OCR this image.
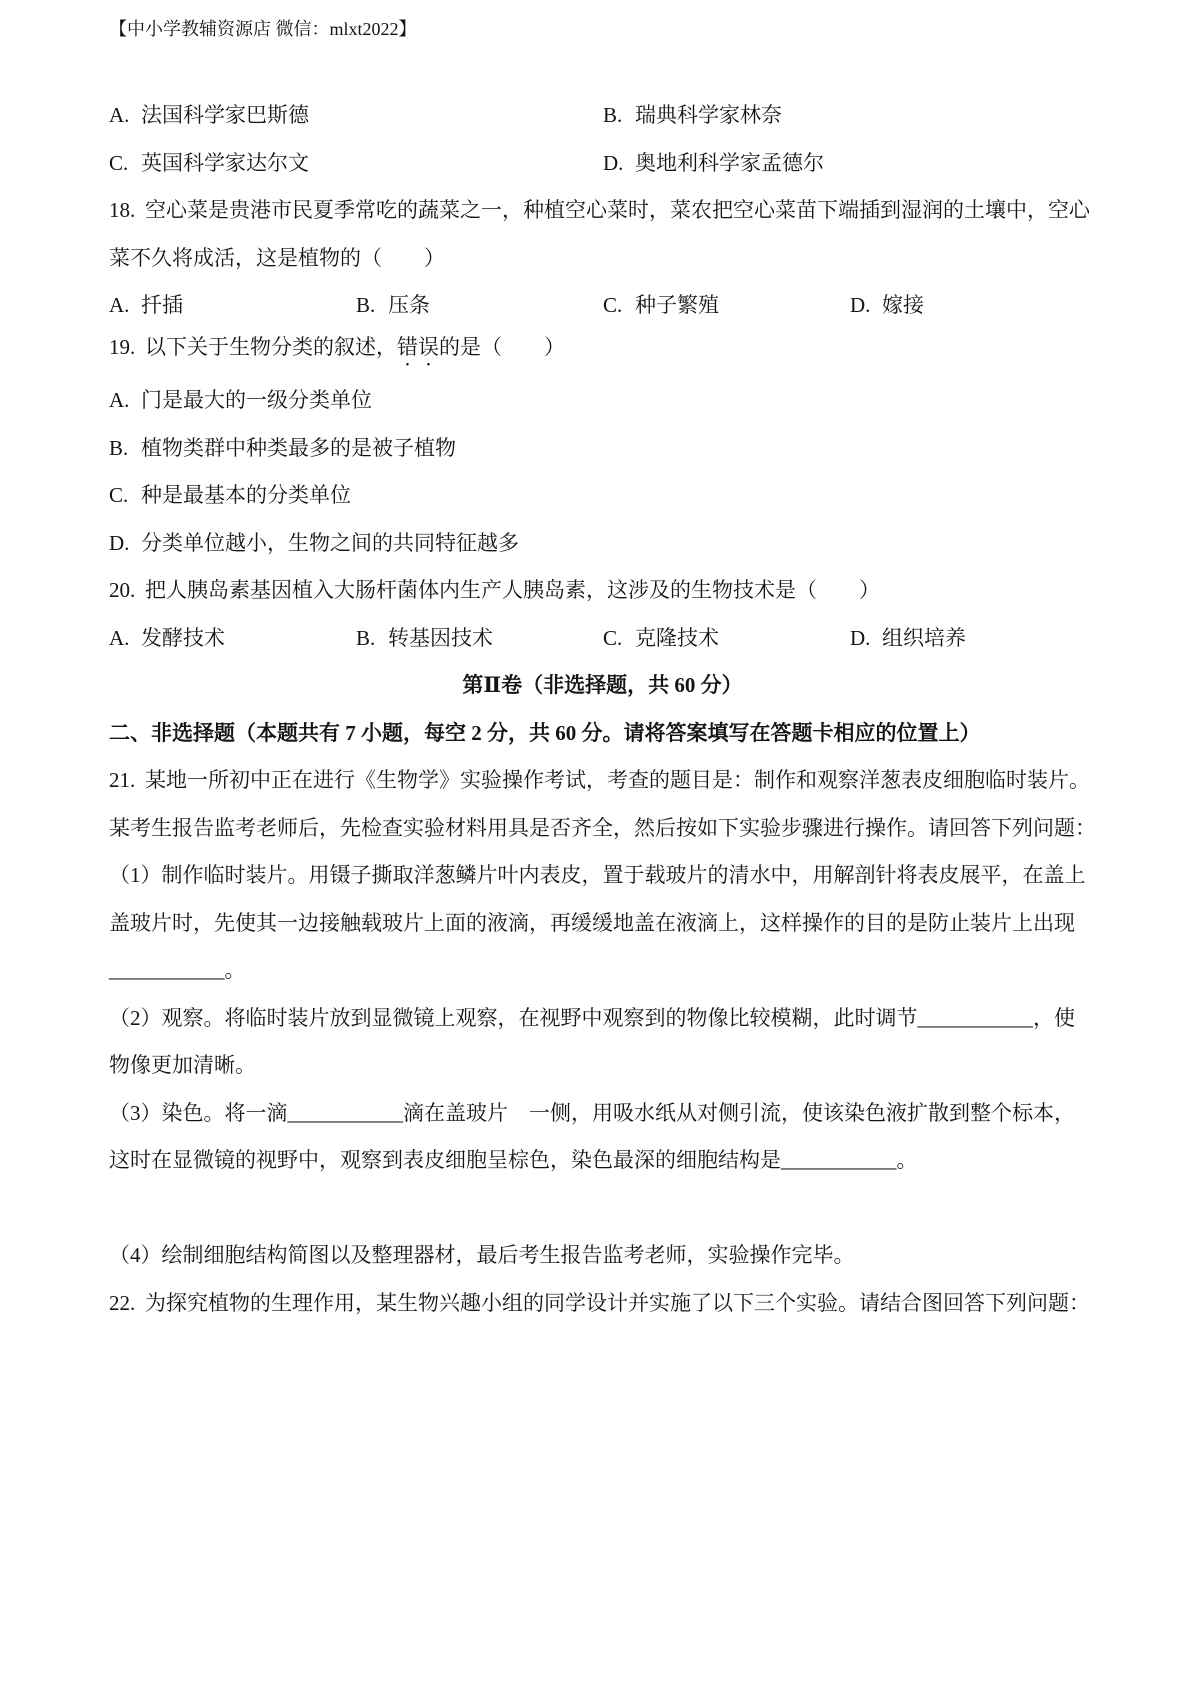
【中小学教辅资源店 微信：mlxt2022】
A. 法国科学家巴斯德	B. 瑞典科学家林奈
C. 英国科学家达尔文	D. 奥地利科学家孟德尔
18. 空心菜是贵港市民夏季常吃的蔬菜之一，种植空心菜时，菜农把空心菜苗下端插到湿润的土壤中，空心
菜不久将成活，这是植物的（　　）
A. 扦插	B. 压条	C. 种子繁殖	D. 嫁接
19. 以下关于生物分类的叙述，错误的是（　　）
A. 门是最大的一级分类单位
B. 植物类群中种类最多的是被子植物
C. 种是最基本的分类单位
D. 分类单位越小，生物之间的共同特征越多
20. 把人胰岛素基因植入大肠杆菌体内生产人胰岛素，这涉及的生物技术是（　　）
A. 发酵技术	B. 转基因技术	C. 克隆技术	D. 组织培养
第Ⅱ卷（非选择题，共 60 分）
二、非选择题（本题共有 7 小题，每空 2 分，共 60 分。请将答案填写在答题卡相应的位置上）
21. 某地一所初中正在进行《生物学》实验操作考试，考查的题目是：制作和观察洋葱表皮细胞临时装片。
某考生报告监考老师后，先检查实验材料用具是否齐全，然后按如下实验步骤进行操作。请回答下列问题：
（1）制作临时装片。用镊子撕取洋葱鳞片叶内表皮，置于载玻片的清水中，用解剖针将表皮展平，在盖上
盖玻片时，先使其一边接触载玻片上面的液滴，再缓缓地盖在液滴上，这样操作的目的是防止装片上出现
___________。
（2）观察。将临时装片放到显微镜上观察，在视野中观察到的物像比较模糊，此时调节___________，使
物像更加清晰。
（3）染色。将一滴___________滴在盖玻片　一侧，用吸水纸从对侧引流，使该染色液扩散到整个标本，
这时在显微镜的视野中，观察到表皮细胞呈棕色，染色最深的细胞结构是___________。
（4）绘制细胞结构简图以及整理器材，最后考生报告监考老师，实验操作完毕。
22. 为探究植物的生理作用，某生物兴趣小组的同学设计并实施了以下三个实验。请结合图回答下列问题：
